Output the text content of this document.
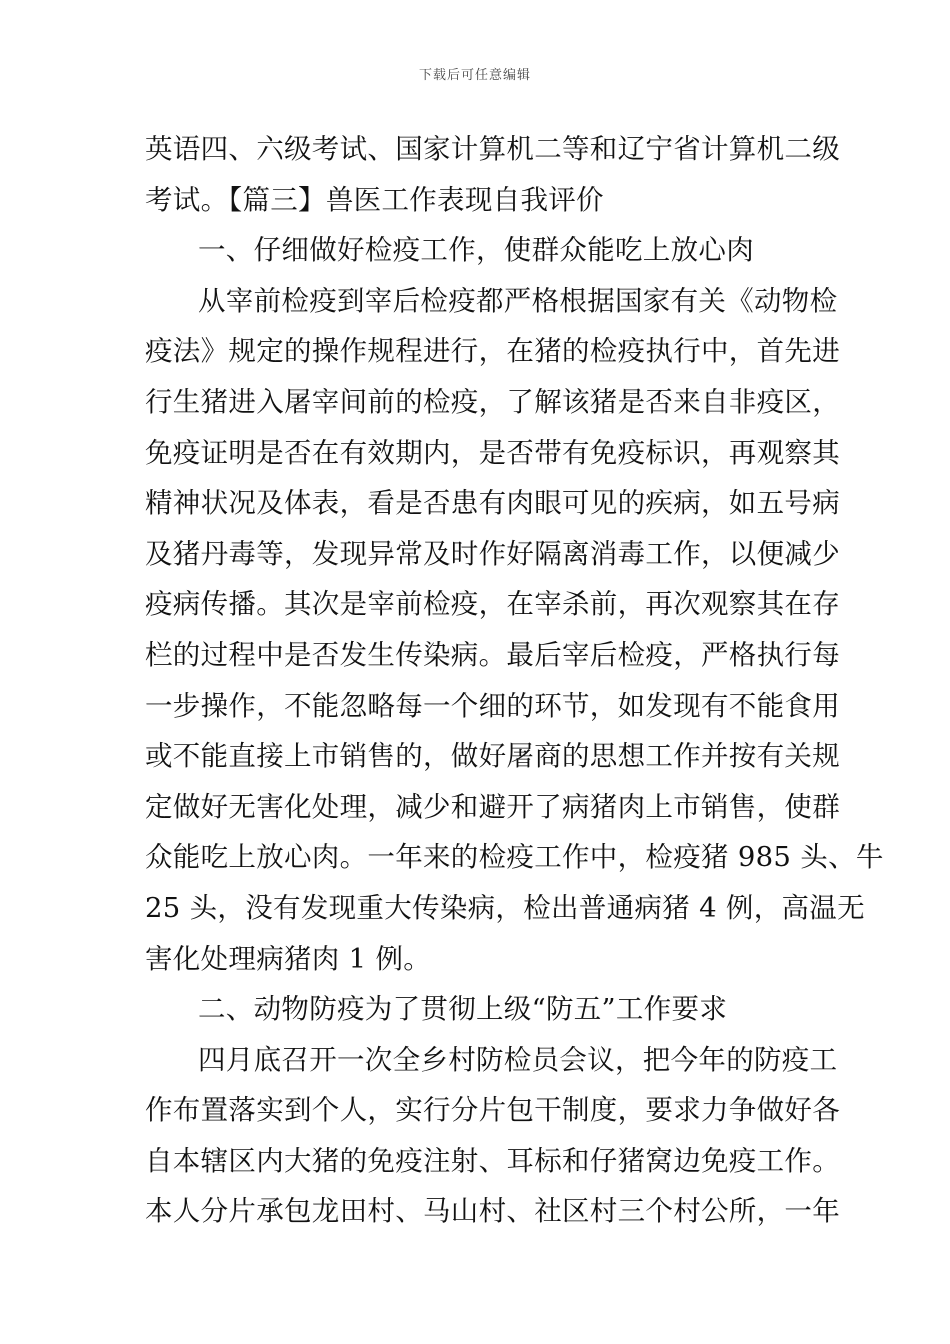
下载后可任意编辑
英语四、六级考试、国家计算机二等和辽宁省计算机二级
考试。【篇三】兽医工作表现自我评价
一、仔细做好检疫工作，使群众能吃上放心肉
从宰前检疫到宰后检疫都严格根据国家有关《动物检
疫法》规定的操作规程进行，在猪的检疫执行中，首先进
行生猪进入屠宰间前的检疫，了解该猪是否来自非疫区，
免疫证明是否在有效期内，是否带有免疫标识，再观察其
精神状况及体表，看是否患有肉眼可见的疾病，如五号病
及猪丹毒等，发现异常及时作好隔离消毒工作，以便减少
疫病传播。其次是宰前检疫，在宰杀前，再次观察其在存
栏的过程中是否发生传染病。最后宰后检疫，严格执行每
一步操作，不能忽略每一个细的环节，如发现有不能食用
或不能直接上市销售的，做好屠商的思想工作并按有关规
定做好无害化处理，减少和避开了病猪肉上市销售，使群
众能吃上放心肉。一年来的检疫工作中，检疫猪 985 头、牛
25 头，没有发现重大传染病，检出普通病猪 4 例，高温无
害化处理病猪肉 1 例。
二、动物防疫为了贯彻上级“防五”工作要求
四月底召开一次全乡村防检员会议，把今年的防疫工
作布置落实到个人，实行分片包干制度，要求力争做好各
自本辖区内大猪的免疫注射、耳标和仔猪窝边免疫工作。
本人分片承包龙田村、马山村、社区村三个村公所，一年
